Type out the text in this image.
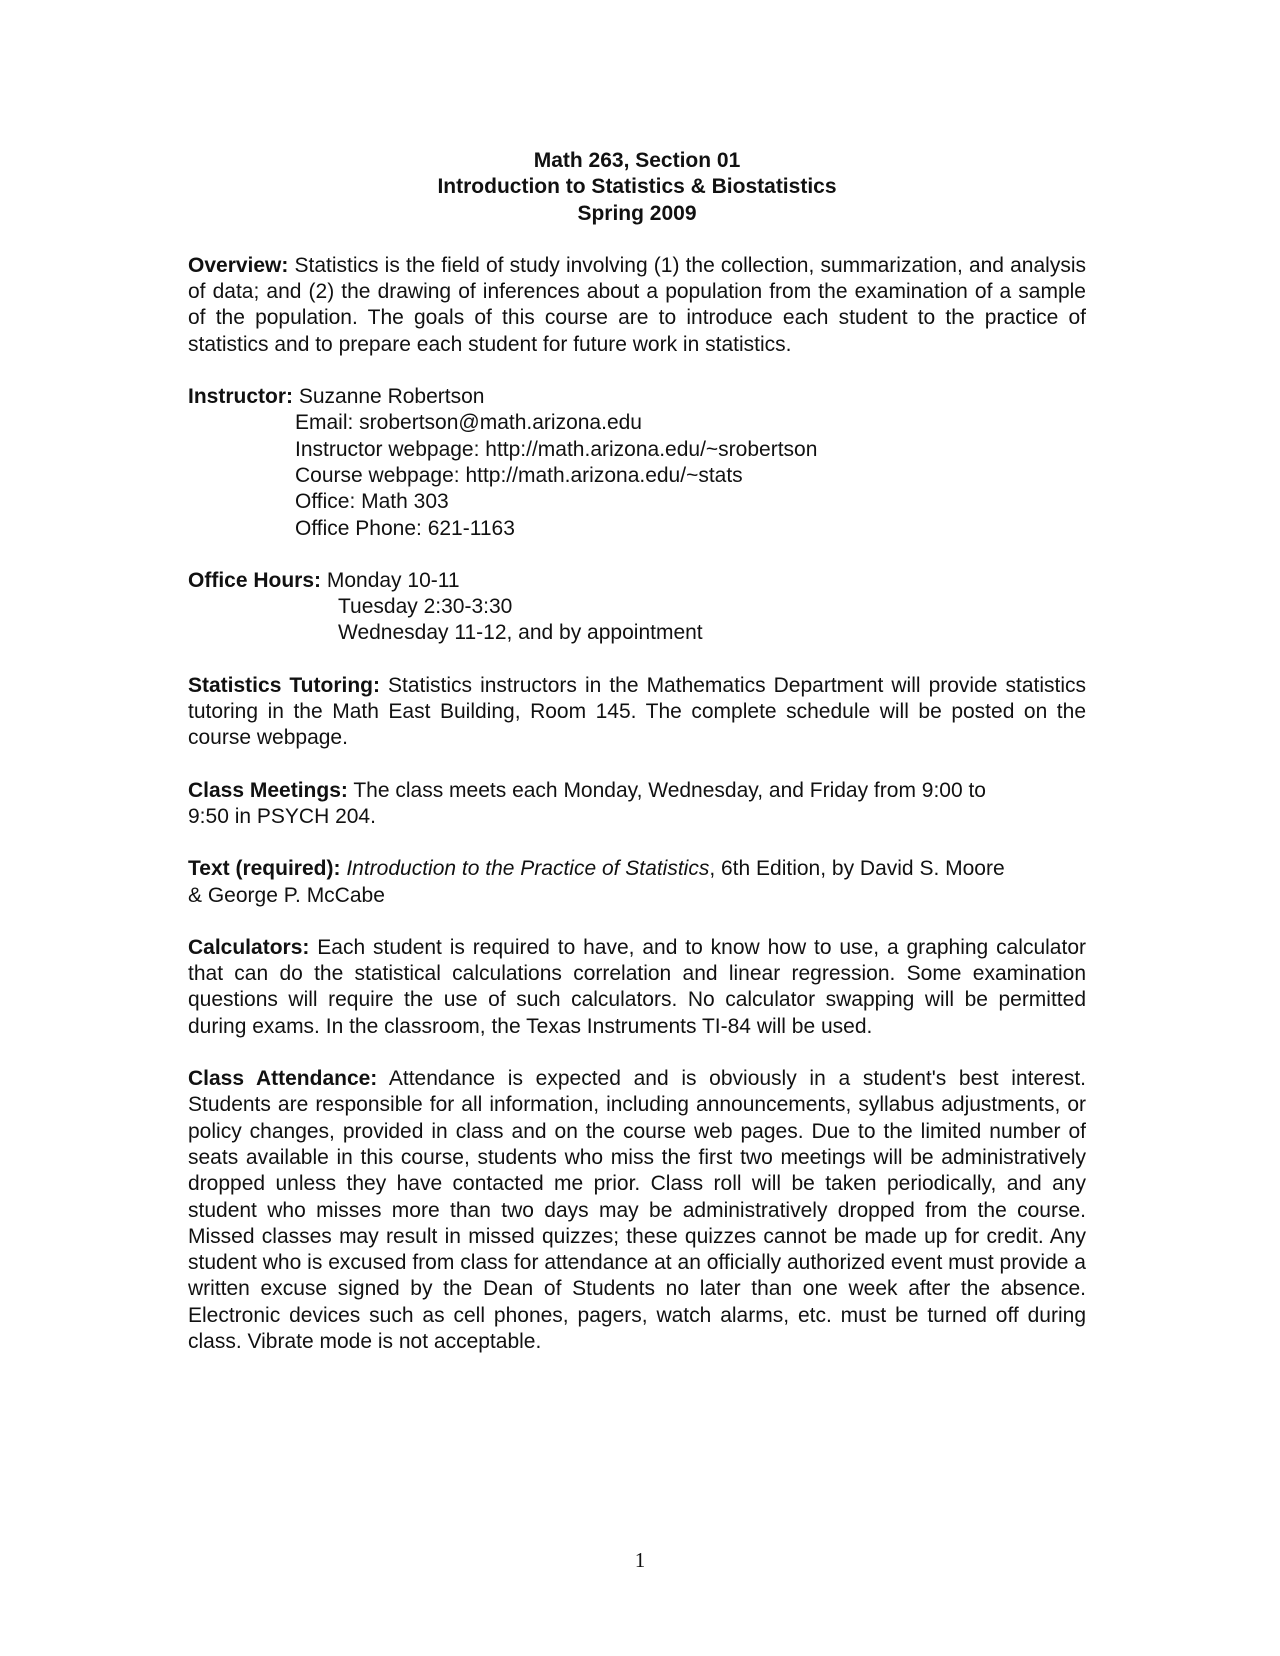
Math 263, Section 01
Introduction to Statistics & Biostatistics
Spring 2009

Overview: Statistics is the field of study involving (1) the collection, summarization, and analysis of data; and (2) the drawing of inferences about a population from the examination of a sample of the population. The goals of this course are to introduce each student to the practice of statistics and to prepare each student for future work in statistics.

Instructor: Suzanne Robertson

Email: srobertson@math.arizona.edu

Instructor webpage: http://math.arizona.edu/~srobertson

Course webpage: http://math.arizona.edu/~stats

Office: Math 303

Office Phone: 621-1163

Office Hours: Monday 10-11

Tuesday 2:30-3:30

Wednesday 11-12, and by appointment

Statistics Tutoring: Statistics instructors in the Mathematics Department will provide statistics tutoring in the Math East Building, Room 145. The complete schedule will be posted on the course webpage.

Class Meetings: The class meets each Monday, Wednesday, and Friday from 9:00 to

9:50 in PSYCH 204.

Text (required): Introduction to the Practice of Statistics, 6th Edition, by David S. Moore

& George P. McCabe

Calculators: Each student is required to have, and to know how to use, a graphing calculator that can do the statistical calculations correlation and linear regression. Some examination questions will require the use of such calculators. No calculator swapping will be permitted during exams. In the classroom, the Texas Instruments TI-84 will be used.

Class Attendance: Attendance is expected and is obviously in a student's best interest. Students are responsible for all information, including announcements, syllabus adjustments, or policy changes, provided in class and on the course web pages. Due to the limited number of seats available in this course, students who miss the first two meetings will be administratively dropped unless they have contacted me prior. Class roll will be taken periodically, and any student who misses more than two days may be administratively dropped from the course. Missed classes may result in missed quizzes; these quizzes cannot be made up for credit. Any student who is excused from class for attendance at an officially authorized event must provide a written excuse signed by the Dean of Students no later than one week after the absence. Electronic devices such as cell phones, pagers, watch alarms, etc. must be turned off during class. Vibrate mode is not acceptable.

1
